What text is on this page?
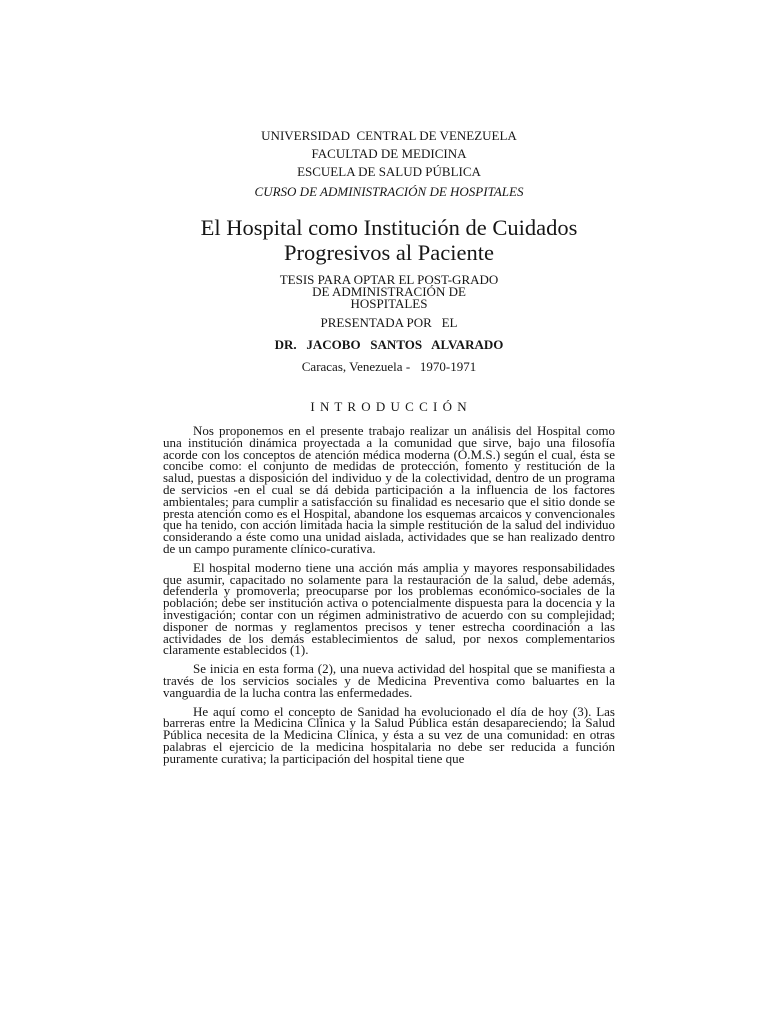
UNIVERSIDAD  CENTRAL DE VENEZUELA
FACULTAD DE MEDICINA
ESCUELA DE SALUD PÚBLICA
CURSO DE ADMINISTRACIÓN DE HOSPITALES
El Hospital como Institución de Cuidados
Progresivos al Paciente
TESIS PARA OPTAR EL POST-GRADO
DE ADMINISTRACIÓN DE
HOSPITALES
PRESENTADA POR   EL
DR.   JACOBO   SANTOS   ALVARADO
Caracas, Venezuela -   1970-1971
I N T R O D U C C I Ó N

Nos proponemos en el presente trabajo realizar un análisis del Hospital como una institución dinámica proyectada a la comunidad que sirve, bajo una filosofía acorde con los conceptos de atención médica moderna (O.M.S.) según el cual, ésta se concibe como: el conjunto de medidas de protección, fomento y restitución de la salud, puestas a disposición del individuo y de la colectividad, dentro de un programa de servicios -en el cual se dá debida participación a la influencia de los factores ambientales; para cumplir a satisfacción su finalidad es necesario que el sitio donde se presta atención como es el Hospital, abandone los esquemas arcaicos y convencionales que ha tenido, con acción limitada hacia la simple restitución de la salud del individuo considerando a éste como una unidad aislada, actividades que se han realizado dentro de un campo puramente clínico-curativa.

El hospital moderno tiene una acción más amplia y mayores responsabilidades que asumir, capacitado no solamente para la restauración de la salud, debe además, defenderla y promoverla; preocuparse por los problemas económico-sociales de la población; debe ser institución activa o potencialmente dispuesta para la docencia y la investigación; contar con un régimen administrativo de acuerdo con su complejidad; disponer de normas y reglamentos precisos y tener estrecha coordinación a las actividades de los demás establecimientos de salud, por nexos complementarios claramente establecidos (1).

Se inicia en esta forma (2), una nueva actividad del hospital que se manifiesta a través de los servicios sociales y de Medicina Preventiva como baluartes en la vanguardia de la lucha contra las enfermedades.

He aquí como el concepto de Sanidad ha evolucionado el día de hoy (3). Las barreras entre la Medicina Clínica y la Salud Pública están desapareciendo; la Salud Pública necesita de la Medicina Clínica, y ésta a su vez de una comunidad: en otras palabras el ejercicio de la medicina hospitalaria no debe ser reducida a función puramente curativa; la participación del hospital tiene que
